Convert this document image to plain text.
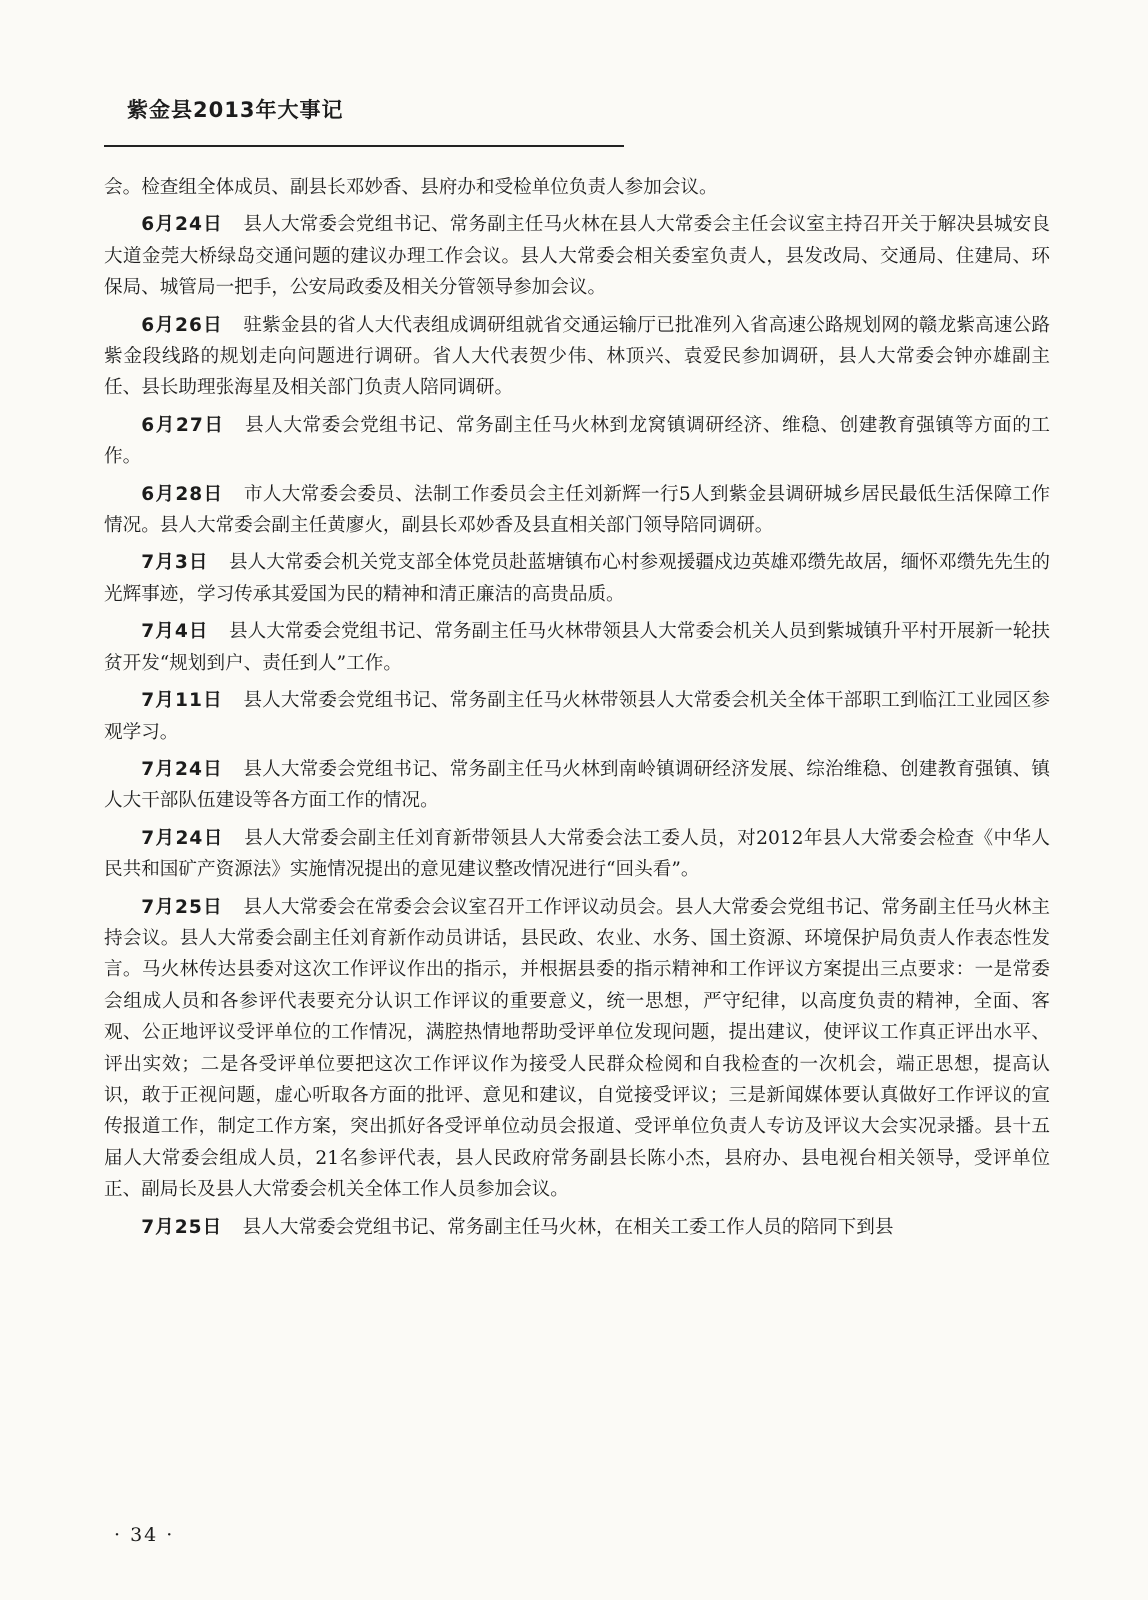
紫金县2013年大事记

会。检查组全体成员、副县长邓妙香、县府办和受检单位负责人参加会议。

6月24日 县人大常委会党组书记、常务副主任马火林在县人大常委会主任会议室主持召开关于解决县城安良大道金莞大桥绿岛交通问题的建议办理工作会议。县人大常委会相关委室负责人，县发改局、交通局、住建局、环保局、城管局一把手，公安局政委及相关分管领导参加会议。

6月26日 驻紫金县的省人大代表组成调研组就省交通运输厅已批准列入省高速公路规划网的赣龙紫高速公路紫金段线路的规划走向问题进行调研。省人大代表贺少伟、林顶兴、袁爱民参加调研，县人大常委会钟亦雄副主任、县长助理张海星及相关部门负责人陪同调研。

6月27日 县人大常委会党组书记、常务副主任马火林到龙窝镇调研经济、维稳、创建教育强镇等方面的工作。

6月28日 市人大常委会委员、法制工作委员会主任刘新辉一行5人到紫金县调研城乡居民最低生活保障工作情况。县人大常委会副主任黄廖火，副县长邓妙香及县直相关部门领导陪同调研。

7月3日 县人大常委会机关党支部全体党员赴蓝塘镇布心村参观援疆戍边英雄邓缵先故居，缅怀邓缵先先生的光辉事迹，学习传承其爱国为民的精神和清正廉洁的高贵品质。

7月4日 县人大常委会党组书记、常务副主任马火林带领县人大常委会机关人员到紫城镇升平村开展新一轮扶贫开发“规划到户、责任到人”工作。

7月11日 县人大常委会党组书记、常务副主任马火林带领县人大常委会机关全体干部职工到临江工业园区参观学习。

7月24日 县人大常委会党组书记、常务副主任马火林到南岭镇调研经济发展、综治维稳、创建教育强镇、镇人大干部队伍建设等各方面工作的情况。

7月24日 县人大常委会副主任刘育新带领县人大常委会法工委人员，对2012年县人大常委会检查《中华人民共和国矿产资源法》实施情况提出的意见建议整改情况进行“回头看”。

7月25日 县人大常委会在常委会会议室召开工作评议动员会。县人大常委会党组书记、常务副主任马火林主持会议。县人大常委会副主任刘育新作动员讲话，县民政、农业、水务、国土资源、环境保护局负责人作表态性发言。马火林传达县委对这次工作评议作出的指示，并根据县委的指示精神和工作评议方案提出三点要求：一是常委会组成人员和各参评代表要充分认识工作评议的重要意义，统一思想，严守纪律，以高度负责的精神，全面、客观、公正地评议受评单位的工作情况，满腔热情地帮助受评单位发现问题，提出建议，使评议工作真正评出水平、评出实效；二是各受评单位要把这次工作评议作为接受人民群众检阅和自我检查的一次机会，端正思想，提高认识，敢于正视问题，虚心听取各方面的批评、意见和建议，自觉接受评议；三是新闻媒体要认真做好工作评议的宣传报道工作，制定工作方案，突出抓好各受评单位动员会报道、受评单位负责人专访及评议大会实况录播。县十五届人大常委会组成人员，21名参评代表，县人民政府常务副县长陈小杰，县府办、县电视台相关领导，受评单位正、副局长及县人大常委会机关全体工作人员参加会议。

7月25日 县人大常委会党组书记、常务副主任马火林，在相关工委工作人员的陪同下到县

· 34 ·
